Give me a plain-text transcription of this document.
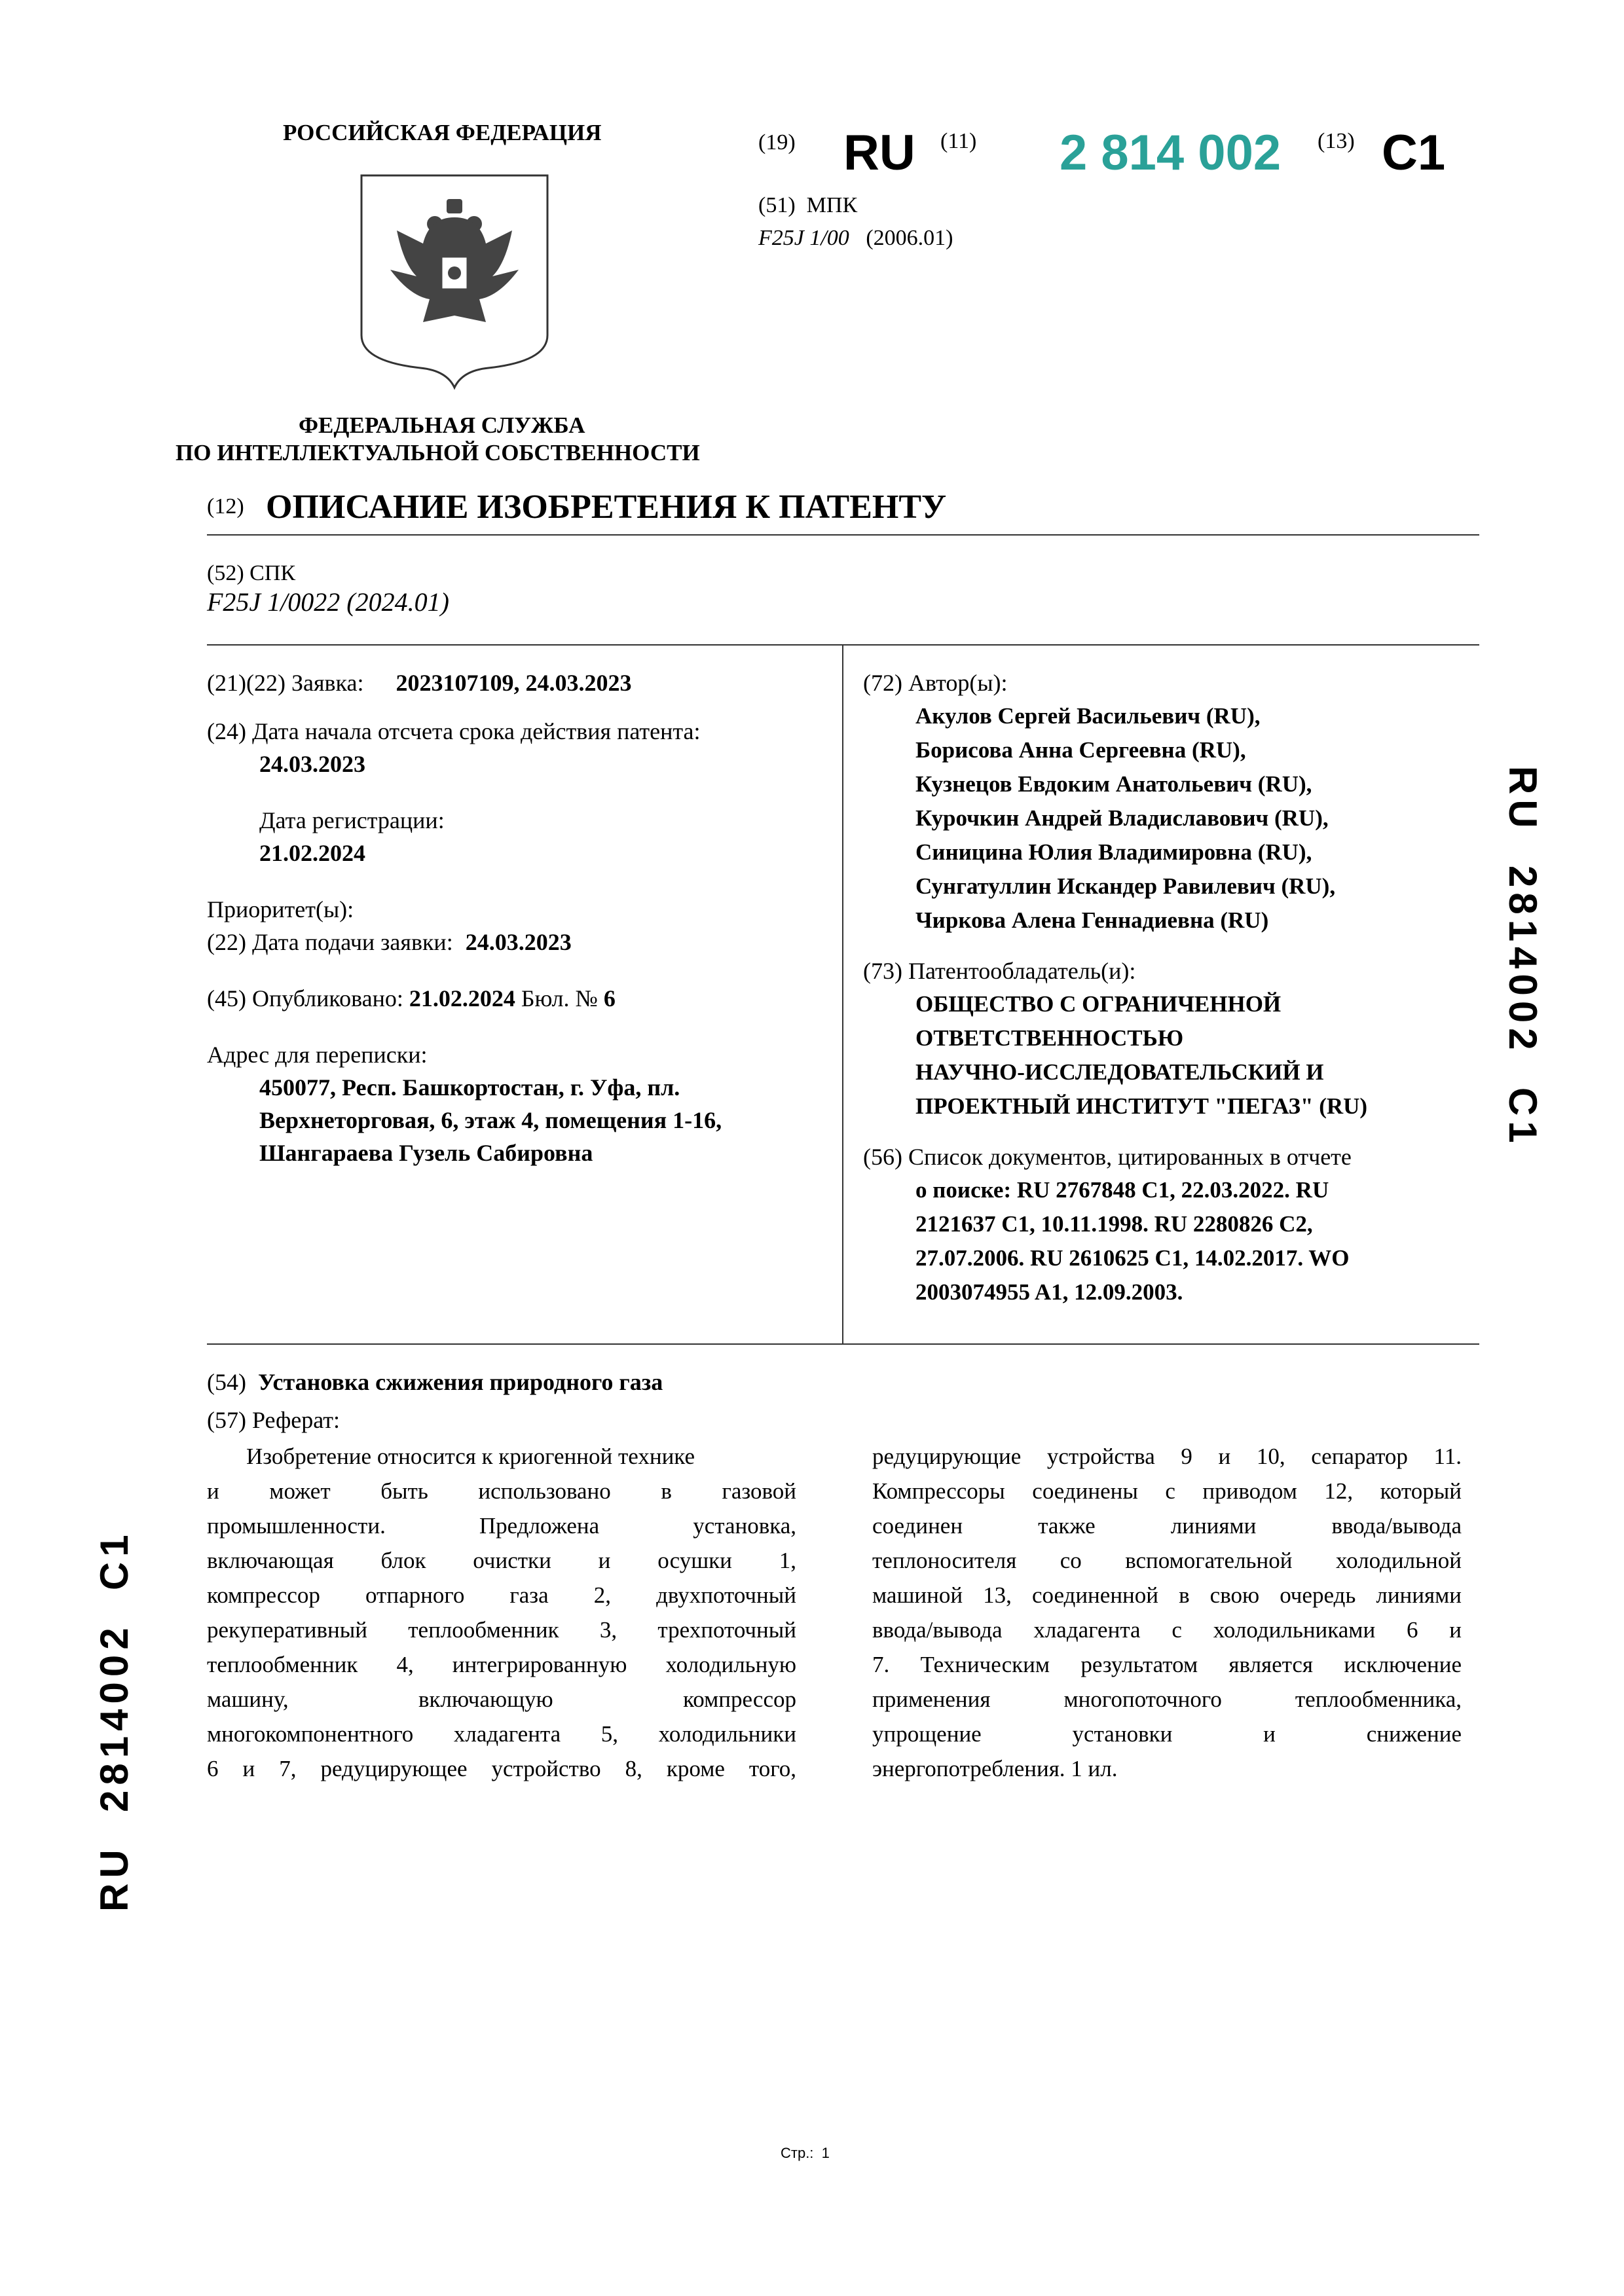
РОССИЙСКАЯ ФЕДЕРАЦИЯ
ФЕДЕРАЛЬНАЯ СЛУЖБА
ПО ИНТЕЛЛЕКТУАЛЬНОЙ СОБСТВЕННОСТИ
(19) RU (11) 2 814 002 (13) C1
(51) МПК
F25J 1/00 (2006.01)
(12) ОПИСАНИЕ ИЗОБРЕТЕНИЯ К ПАТЕНТУ
(52) СПК
F25J 1/0022 (2024.01)
(21)(22) Заявка: 2023107109, 24.03.2023
(24) Дата начала отсчета срока действия патента:
24.03.2023
Дата регистрации:
21.02.2024
Приоритет(ы):
(22) Дата подачи заявки: 24.03.2023
(45) Опубликовано: 21.02.2024 Бюл. № 6
Адрес для переписки:
450077, Респ. Башкортостан, г. Уфа, пл.
Верхнеторговая, 6, этаж 4, помещения 1-16,
Шангараева Гузель Сабировна
(72) Автор(ы):
Акулов Сергей Васильевич (RU),
Борисова Анна Сергеевна (RU),
Кузнецов Евдоким Анатольевич (RU),
Курочкин Андрей Владиславович (RU),
Синицина Юлия Владимировна (RU),
Сунгатуллин Искандер Равилевич (RU),
Чиркова Алена Геннадиевна (RU)
(73) Патентообладатель(и):
ОБЩЕСТВО С ОГРАНИЧЕННОЙ
ОТВЕТСТВЕННОСТЬЮ
НАУЧНО-ИССЛЕДОВАТЕЛЬСКИЙ И
ПРОЕКТНЫЙ ИНСТИТУТ "ПЕГАЗ" (RU)
(56) Список документов, цитированных в отчете
о поиске: RU 2767848 C1, 22.03.2022. RU
2121637 C1, 10.11.1998. RU 2280826 C2,
27.07.2006. RU 2610625 C1, 14.02.2017. WO
2003074955 A1, 12.09.2003.
(54) Установка сжижения природного газа
(57) Реферат:

Изобретение относится к криогенной технике

и может быть использовано в газовой

промышленности. Предложена установка,

включающая блок очистки и осушки 1,

компрессор отпарного газа 2, двухпоточный

рекуперативный теплообменник 3, трехпоточный

теплообменник 4, интегрированную холодильную

машину, включающую компрессор

многокомпонентного хладагента 5, холодильники

6 и 7, редуцирующее устройство 8, кроме того,

редуцирующие устройства 9 и 10, сепаратор 11.

Компрессоры соединены с приводом 12, который

соединен также линиями ввода/вывода

теплоносителя со вспомогательной холодильной

машиной 13, соединенной в свою очередь линиями

ввода/вывода хладагента с холодильниками 6 и

7. Техническим результатом является исключение

применения многопоточного теплообменника,

упрощение установки и снижение

энергопотребления. 1 ил.

RU  2814002  C1
RU  2814002  C1
Стр.: 1
